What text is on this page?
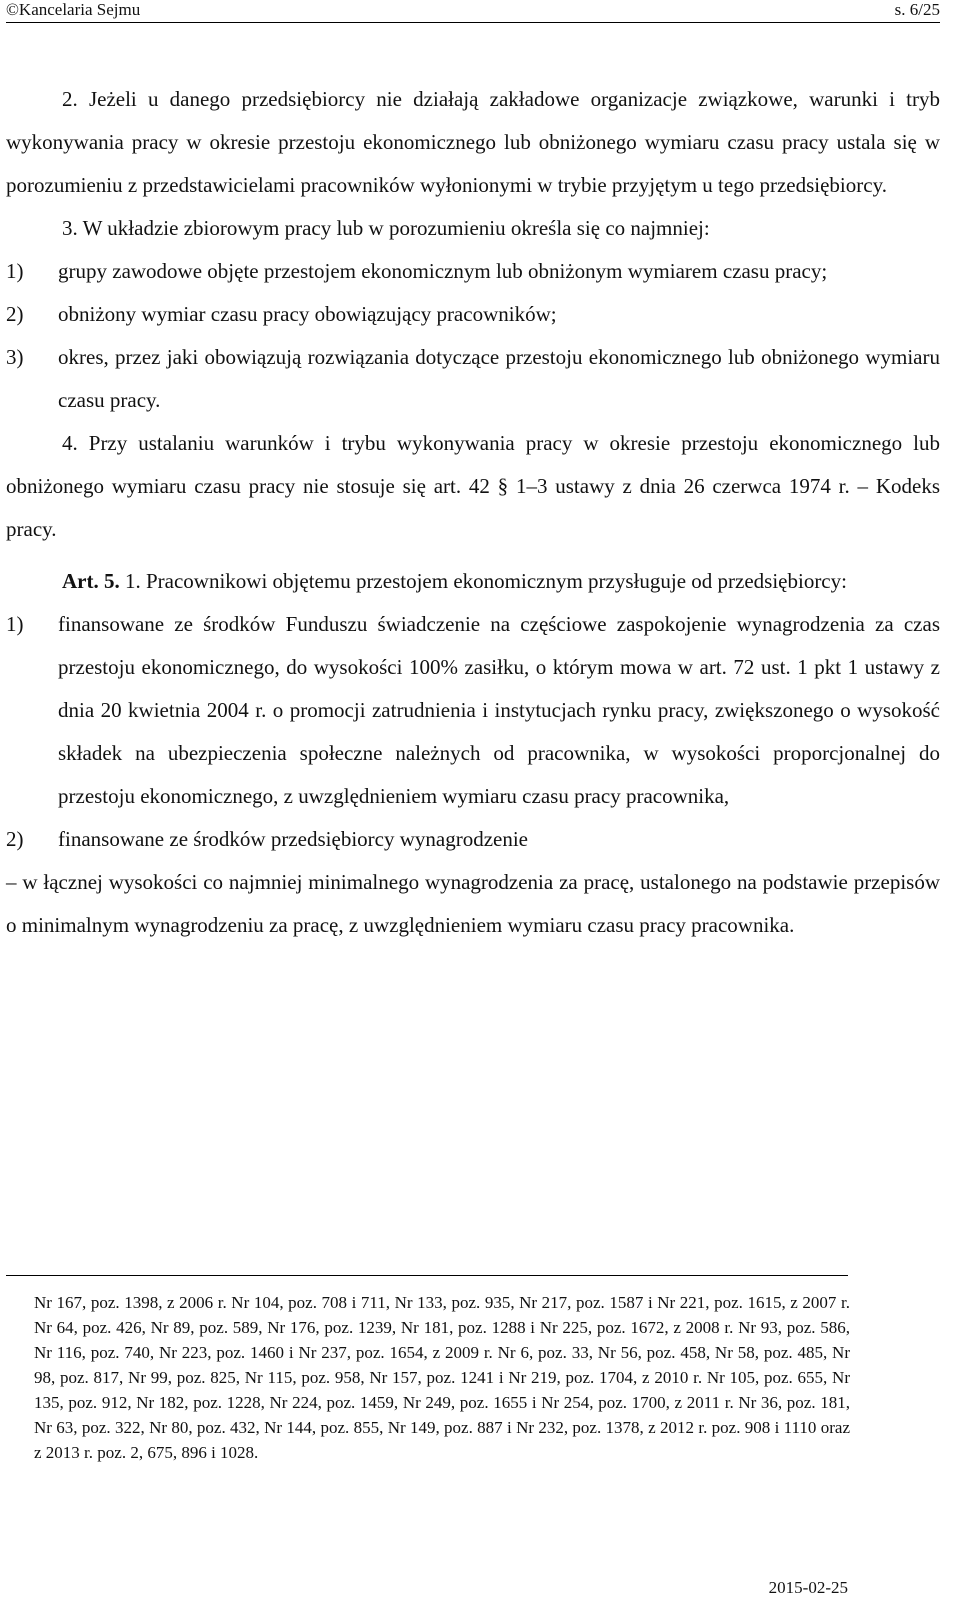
©Kancelaria Sejmu	s. 6/25

2. Jeżeli u danego przedsiębiorcy nie działają zakładowe organizacje związkowe, warunki i tryb wykonywania pracy w okresie przestoju ekonomicznego lub obniżonego wymiaru czasu pracy ustala się w porozumieniu z przedstawicielami pracowników wyłonionymi w trybie przyjętym u tego przedsiębiorcy.

3. W układzie zbiorowym pracy lub w porozumieniu określa się co najmniej:

1) grupy zawodowe objęte przestojem ekonomicznym lub obniżonym wymiarem czasu pracy;
2) obniżony wymiar czasu pracy obowiązujący pracowników;
3) okres, przez jaki obowiązują rozwiązania dotyczące przestoju ekonomicznego lub obniżonego wymiaru czasu pracy.

4. Przy ustalaniu warunków i trybu wykonywania pracy w okresie przestoju ekonomicznego lub obniżonego wymiaru czasu pracy nie stosuje się art. 42 § 1–3 ustawy z dnia 26 czerwca 1974 r. – Kodeks pracy.

Art. 5. 1. Pracownikowi objętemu przestojem ekonomicznym przysługuje od przedsiębiorcy:

1) finansowane ze środków Funduszu świadczenie na częściowe zaspokojenie wynagrodzenia za czas przestoju ekonomicznego, do wysokości 100% zasiłku, o którym mowa w art. 72 ust. 1 pkt 1 ustawy z dnia 20 kwietnia 2004 r. o promocji zatrudnienia i instytucjach rynku pracy, zwiększonego o wysokość składek na ubezpieczenia społeczne należnych od pracownika, w wysokości proporcjonalnej do przestoju ekonomicznego, z uwzględnieniem wymiaru czasu pracy pracownika,
2) finansowane ze środków przedsiębiorcy wynagrodzenie

– w łącznej wysokości co najmniej minimalnego wynagrodzenia za pracę, ustalonego na podstawie przepisów o minimalnym wynagrodzeniu za pracę, z uwzględnieniem wymiaru czasu pracy pracownika.

Nr 167, poz. 1398, z 2006 r. Nr 104, poz. 708 i 711, Nr 133, poz. 935, Nr 217, poz. 1587 i Nr 221, poz. 1615, z 2007 r. Nr 64, poz. 426, Nr 89, poz. 589, Nr 176, poz. 1239, Nr 181, poz. 1288 i Nr 225, poz. 1672, z 2008 r. Nr 93, poz. 586, Nr 116, poz. 740, Nr 223, poz. 1460 i Nr 237, poz. 1654, z 2009 r. Nr 6, poz. 33, Nr 56, poz. 458, Nr 58, poz. 485, Nr 98, poz. 817, Nr 99, poz. 825, Nr 115, poz. 958, Nr 157, poz. 1241 i Nr 219, poz. 1704, z 2010 r. Nr 105, poz. 655, Nr 135, poz. 912, Nr 182, poz. 1228, Nr 224, poz. 1459, Nr 249, poz. 1655 i Nr 254, poz. 1700, z 2011 r. Nr 36, poz. 181, Nr 63, poz. 322, Nr 80, poz. 432, Nr 144, poz. 855, Nr 149, poz. 887 i Nr 232, poz. 1378, z 2012 r. poz. 908 i 1110 oraz z 2013 r. poz. 2, 675, 896 i 1028.
2015-02-25
